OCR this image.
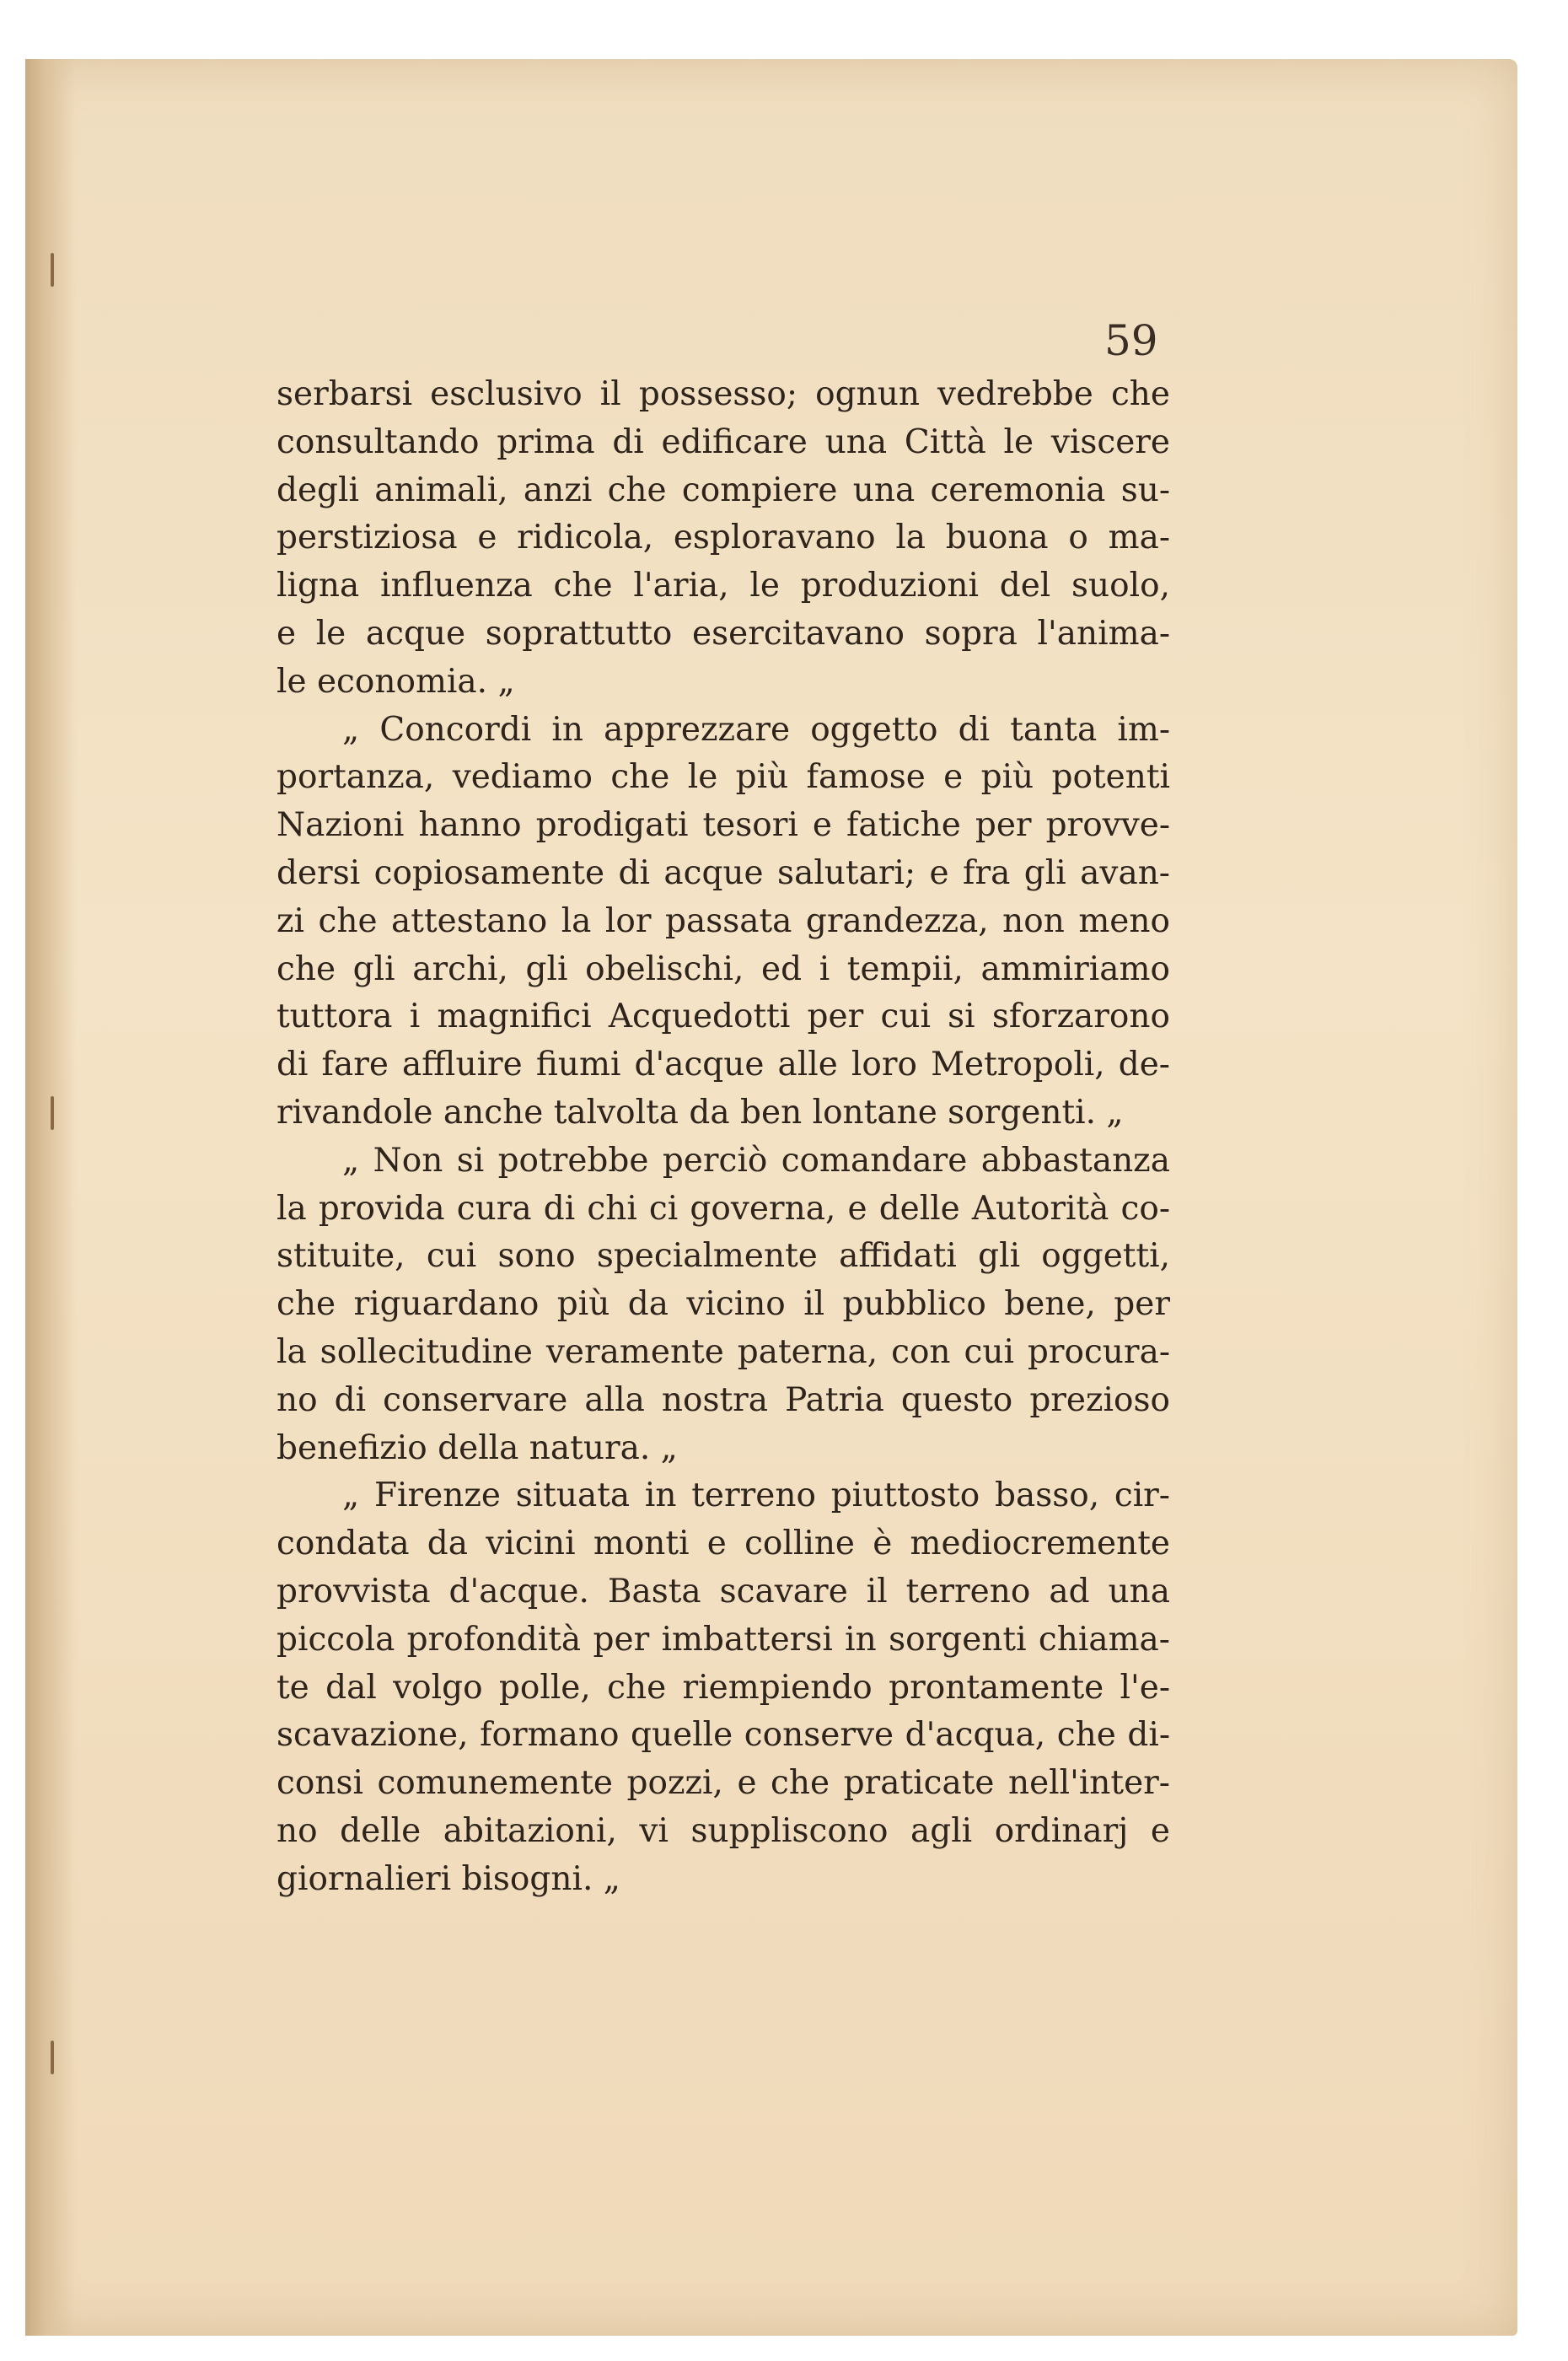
59

serbarsi esclusivo il possesso; ognun vedrebbe che
consultando prima di edificare una Città le viscere
degli animali, anzi che compiere una ceremonia su-
perstiziosa e ridicola, esploravano la buona o ma-
ligna influenza che l'aria, le produzioni del suolo,
e le acque soprattutto esercitavano sopra l'anima-
le economia. „

„ Concordi in apprezzare oggetto di tanta im-
portanza, vediamo che le più famose e più potenti
Nazioni hanno prodigati tesori e fatiche per provve-
dersi copiosamente di acque salutari; e fra gli avan-
zi che attestano la lor passata grandezza, non meno
che gli archi, gli obelischi, ed i tempii, ammiriamo
tuttora i magnifici Acquedotti per cui si sforzarono
di fare affluire fiumi d'acque alle loro Metropoli, de-
rivandole anche talvolta da ben lontane sorgenti. „

„ Non si potrebbe perciò comandare abbastanza
la provida cura di chi ci governa, e delle Autorità co-
stituite, cui sono specialmente affidati gli oggetti,
che riguardano più da vicino il pubblico bene, per
la sollecitudine veramente paterna, con cui procura-
no di conservare alla nostra Patria questo prezioso
benefizio della natura. „

„ Firenze situata in terreno piuttosto basso, cir-
condata da vicini monti e colline è mediocremente
provvista d'acque. Basta scavare il terreno ad una
piccola profondità per imbattersi in sorgenti chiama-
te dal volgo polle, che riempiendo prontamente l'e-
scavazione, formano quelle conserve d'acqua, che di-
consi comunemente pozzi, e che praticate nell'inter-
no delle abitazioni, vi suppliscono agli ordinarj e
giornalieri bisogni. „
